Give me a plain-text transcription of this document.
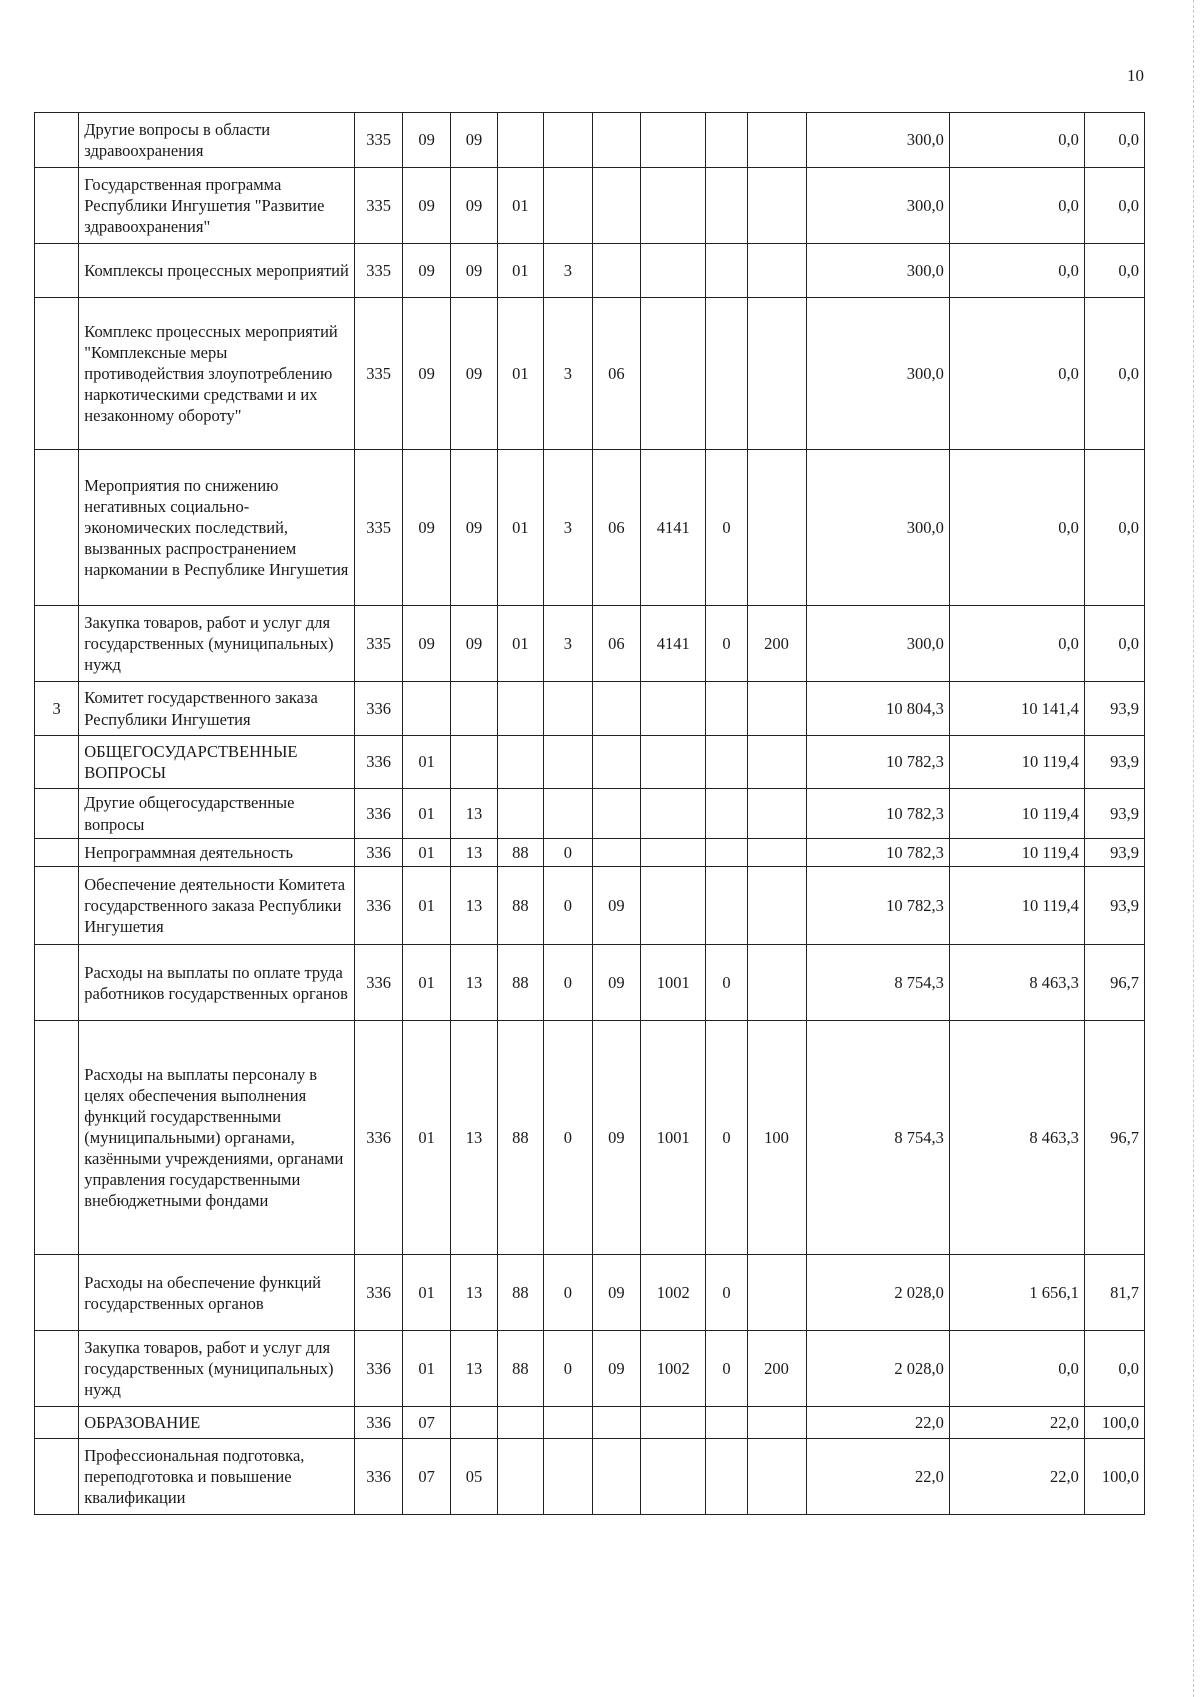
10
	Другие вопросы в области здравоохранения	335	09	09							300,0	0,0	0,0
	Государственная программа Республики Ингушетия "Развитие здравоохранения"	335	09	09	01						300,0	0,0	0,0
	Комплексы процессных мероприятий	335	09	09	01	3					300,0	0,0	0,0
	Комплекс процессных мероприятий "Комплексные меры противодействия злоупотреблению наркотическими средствами и их незаконному обороту"	335	09	09	01	3	06				300,0	0,0	0,0
	Мероприятия по снижению негативных социально-экономических последствий, вызванных распространением наркомании в Республике Ингушетия	335	09	09	01	3	06	4141	0		300,0	0,0	0,0
	Закупка товаров, работ и услуг для государственных (муниципальных) нужд	335	09	09	01	3	06	4141	0	200	300,0	0,0	0,0
3	Комитет государственного заказа Республики Ингушетия	336									10 804,3	10 141,4	93,9
	ОБЩЕГОСУДАРСТВЕННЫЕ ВОПРОСЫ	336	01								10 782,3	10 119,4	93,9
	Другие общегосударственные вопросы	336	01	13							10 782,3	10 119,4	93,9
	Непрограммная деятельность	336	01	13	88	0					10 782,3	10 119,4	93,9
	Обеспечение деятельности Комитета государственного заказа Республики Ингушетия	336	01	13	88	0	09				10 782,3	10 119,4	93,9
	Расходы на выплаты по оплате труда работников государственных органов	336	01	13	88	0	09	1001	0		8 754,3	8 463,3	96,7
	Расходы на выплаты персоналу в целях обеспечения выполнения функций государственными (муниципальными) органами, казёнными учреждениями, органами управления государственными внебюджетными фондами	336	01	13	88	0	09	1001	0	100	8 754,3	8 463,3	96,7
	Расходы на обеспечение функций государственных органов	336	01	13	88	0	09	1002	0		2 028,0	1 656,1	81,7
	Закупка товаров, работ и услуг для государственных (муниципальных) нужд	336	01	13	88	0	09	1002	0	200	2 028,0	0,0	0,0
	ОБРАЗОВАНИЕ	336	07								22,0	22,0	100,0
	Профессиональная подготовка, переподготовка и повышение квалификации	336	07	05							22,0	22,0	100,0
